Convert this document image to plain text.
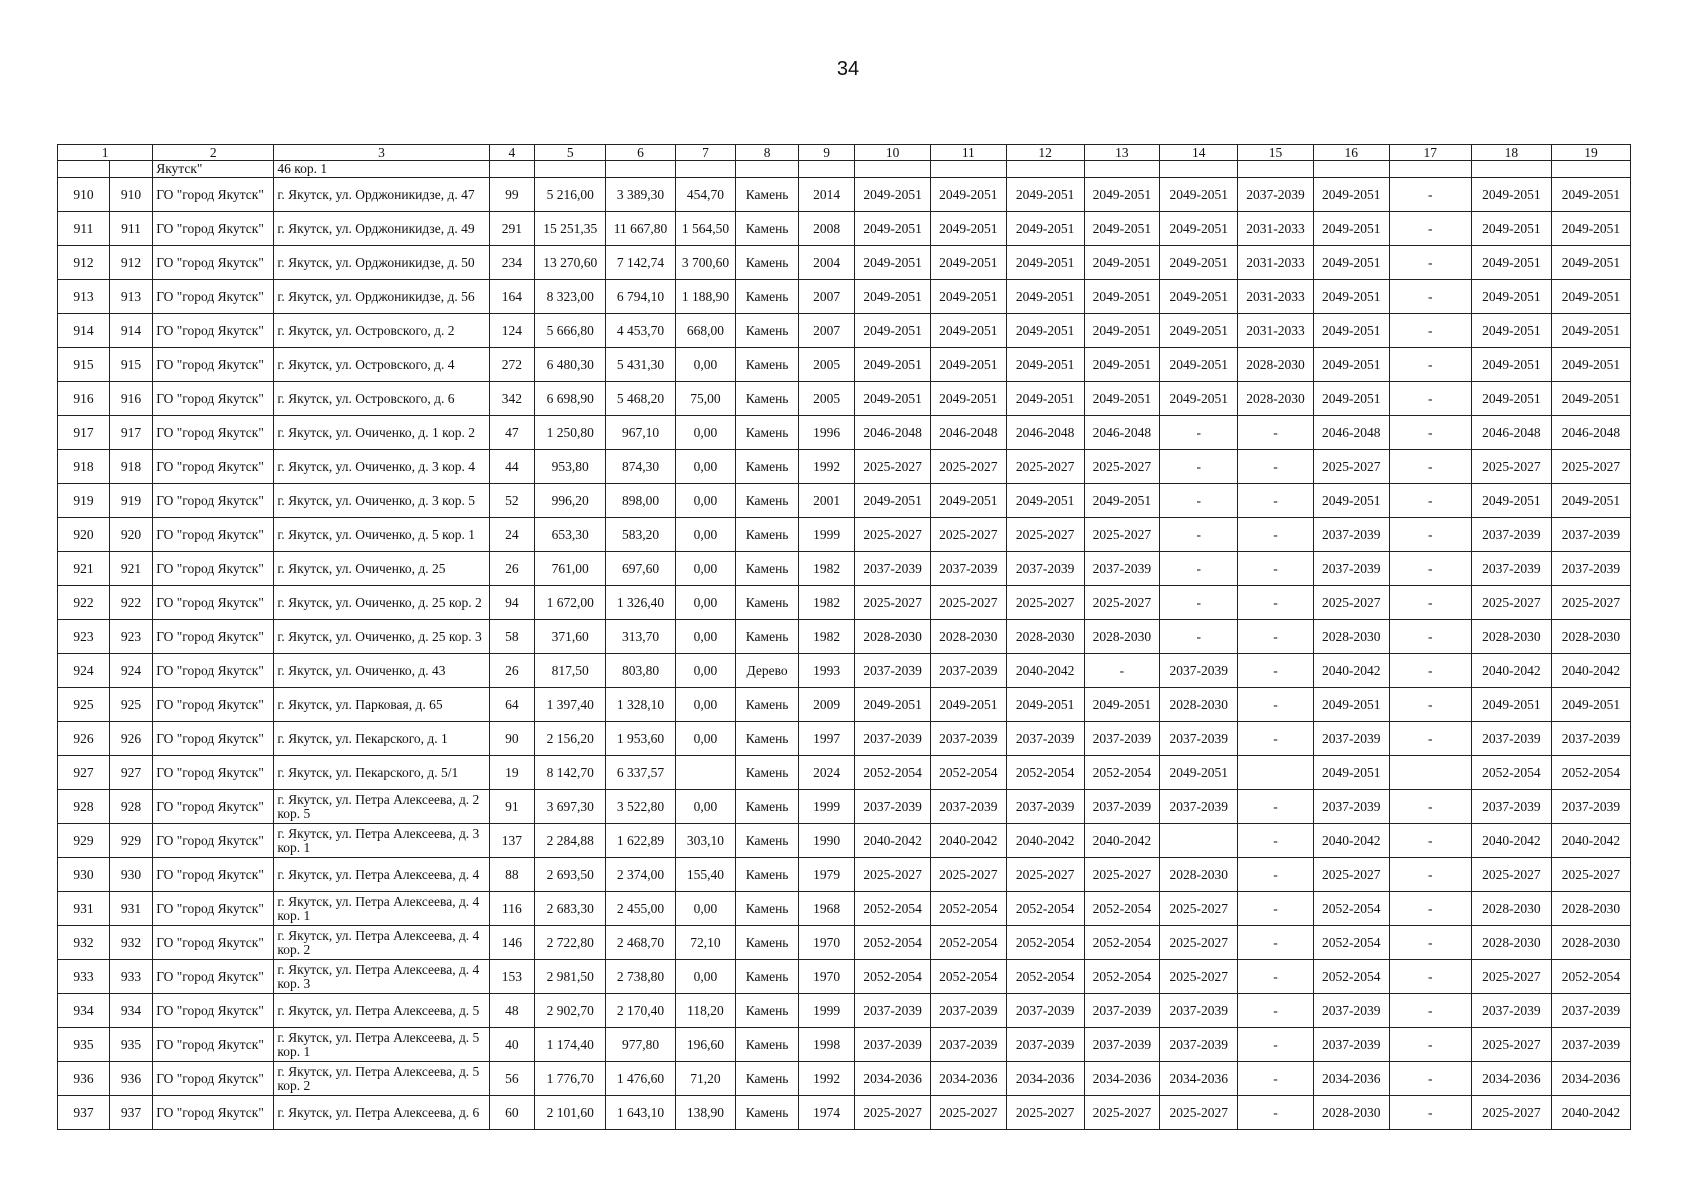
34
1		2	3	4	5	6	7	8	9	10	11	12	13	14	15	16	17	18	19
		Якутск"	46 кор. 1																
910	910	ГО "город Якутск"	г. Якутск, ул. Орджоникидзе, д. 47	99	5 216,00	3 389,30	454,70	Камень	2014	2049-2051	2049-2051	2049-2051	2049-2051	2049-2051	2037-2039	2049-2051	-	2049-2051	2049-2051
911	911	ГО "город Якутск"	г. Якутск, ул. Орджоникидзе, д. 49	291	15 251,35	11 667,80	1 564,50	Камень	2008	2049-2051	2049-2051	2049-2051	2049-2051	2049-2051	2031-2033	2049-2051	-	2049-2051	2049-2051
912	912	ГО "город Якутск"	г. Якутск, ул. Орджоникидзе, д. 50	234	13 270,60	7 142,74	3 700,60	Камень	2004	2049-2051	2049-2051	2049-2051	2049-2051	2049-2051	2031-2033	2049-2051	-	2049-2051	2049-2051
913	913	ГО "город Якутск"	г. Якутск, ул. Орджоникидзе, д. 56	164	8 323,00	6 794,10	1 188,90	Камень	2007	2049-2051	2049-2051	2049-2051	2049-2051	2049-2051	2031-2033	2049-2051	-	2049-2051	2049-2051
914	914	ГО "город Якутск"	г. Якутск, ул. Островского, д. 2	124	5 666,80	4 453,70	668,00	Камень	2007	2049-2051	2049-2051	2049-2051	2049-2051	2049-2051	2031-2033	2049-2051	-	2049-2051	2049-2051
915	915	ГО "город Якутск"	г. Якутск, ул. Островского, д. 4	272	6 480,30	5 431,30	0,00	Камень	2005	2049-2051	2049-2051	2049-2051	2049-2051	2049-2051	2028-2030	2049-2051	-	2049-2051	2049-2051
916	916	ГО "город Якутск"	г. Якутск, ул. Островского, д. 6	342	6 698,90	5 468,20	75,00	Камень	2005	2049-2051	2049-2051	2049-2051	2049-2051	2049-2051	2028-2030	2049-2051	-	2049-2051	2049-2051
917	917	ГО "город Якутск"	г. Якутск, ул. Очиченко, д. 1 кор. 2	47	1 250,80	967,10	0,00	Камень	1996	2046-2048	2046-2048	2046-2048	2046-2048	-	-	2046-2048	-	2046-2048	2046-2048
918	918	ГО "город Якутск"	г. Якутск, ул. Очиченко, д. 3 кор. 4	44	953,80	874,30	0,00	Камень	1992	2025-2027	2025-2027	2025-2027	2025-2027	-	-	2025-2027	-	2025-2027	2025-2027
919	919	ГО "город Якутск"	г. Якутск, ул. Очиченко, д. 3 кор. 5	52	996,20	898,00	0,00	Камень	2001	2049-2051	2049-2051	2049-2051	2049-2051	-	-	2049-2051	-	2049-2051	2049-2051
920	920	ГО "город Якутск"	г. Якутск, ул. Очиченко, д. 5 кор. 1	24	653,30	583,20	0,00	Камень	1999	2025-2027	2025-2027	2025-2027	2025-2027	-	-	2037-2039	-	2037-2039	2037-2039
921	921	ГО "город Якутск"	г. Якутск, ул. Очиченко, д. 25	26	761,00	697,60	0,00	Камень	1982	2037-2039	2037-2039	2037-2039	2037-2039	-	-	2037-2039	-	2037-2039	2037-2039
922	922	ГО "город Якутск"	г. Якутск, ул. Очиченко, д. 25 кор. 2	94	1 672,00	1 326,40	0,00	Камень	1982	2025-2027	2025-2027	2025-2027	2025-2027	-	-	2025-2027	-	2025-2027	2025-2027
923	923	ГО "город Якутск"	г. Якутск, ул. Очиченко, д. 25 кор. 3	58	371,60	313,70	0,00	Камень	1982	2028-2030	2028-2030	2028-2030	2028-2030	-	-	2028-2030	-	2028-2030	2028-2030
924	924	ГО "город Якутск"	г. Якутск, ул. Очиченко, д. 43	26	817,50	803,80	0,00	Дерево	1993	2037-2039	2037-2039	2040-2042	-	2037-2039	-	2040-2042	-	2040-2042	2040-2042
925	925	ГО "город Якутск"	г. Якутск, ул. Парковая, д. 65	64	1 397,40	1 328,10	0,00	Камень	2009	2049-2051	2049-2051	2049-2051	2049-2051	2028-2030	-	2049-2051	-	2049-2051	2049-2051
926	926	ГО "город Якутск"	г. Якутск, ул. Пекарского, д. 1	90	2 156,20	1 953,60	0,00	Камень	1997	2037-2039	2037-2039	2037-2039	2037-2039	2037-2039	-	2037-2039	-	2037-2039	2037-2039
927	927	ГО "город Якутск"	г. Якутск, ул. Пекарского, д. 5/1	19	8 142,70	6 337,57		Камень	2024	2052-2054	2052-2054	2052-2054	2052-2054	2049-2051		2049-2051		2052-2054	2052-2054
928	928	ГО "город Якутск"	г. Якутск, ул. Петра Алексеева, д. 2 кор. 5	91	3 697,30	3 522,80	0,00	Камень	1999	2037-2039	2037-2039	2037-2039	2037-2039	2037-2039	-	2037-2039	-	2037-2039	2037-2039
929	929	ГО "город Якутск"	г. Якутск, ул. Петра Алексеева, д. 3 кор. 1	137	2 284,88	1 622,89	303,10	Камень	1990	2040-2042	2040-2042	2040-2042	2040-2042		-	2040-2042	-	2040-2042	2040-2042
930	930	ГО "город Якутск"	г. Якутск, ул. Петра Алексеева, д. 4	88	2 693,50	2 374,00	155,40	Камень	1979	2025-2027	2025-2027	2025-2027	2025-2027	2028-2030	-	2025-2027	-	2025-2027	2025-2027
931	931	ГО "город Якутск"	г. Якутск, ул. Петра Алексеева, д. 4 кор. 1	116	2 683,30	2 455,00	0,00	Камень	1968	2052-2054	2052-2054	2052-2054	2052-2054	2025-2027	-	2052-2054	-	2028-2030	2028-2030
932	932	ГО "город Якутск"	г. Якутск, ул. Петра Алексеева, д. 4 кор. 2	146	2 722,80	2 468,70	72,10	Камень	1970	2052-2054	2052-2054	2052-2054	2052-2054	2025-2027	-	2052-2054	-	2028-2030	2028-2030
933	933	ГО "город Якутск"	г. Якутск, ул. Петра Алексеева, д. 4 кор. 3	153	2 981,50	2 738,80	0,00	Камень	1970	2052-2054	2052-2054	2052-2054	2052-2054	2025-2027	-	2052-2054	-	2025-2027	2052-2054
934	934	ГО "город Якутск"	г. Якутск, ул. Петра Алексеева, д. 5	48	2 902,70	2 170,40	118,20	Камень	1999	2037-2039	2037-2039	2037-2039	2037-2039	2037-2039	-	2037-2039	-	2037-2039	2037-2039
935	935	ГО "город Якутск"	г. Якутск, ул. Петра Алексеева, д. 5 кор. 1	40	1 174,40	977,80	196,60	Камень	1998	2037-2039	2037-2039	2037-2039	2037-2039	2037-2039	-	2037-2039	-	2025-2027	2037-2039
936	936	ГО "город Якутск"	г. Якутск, ул. Петра Алексеева, д. 5 кор. 2	56	1 776,70	1 476,60	71,20	Камень	1992	2034-2036	2034-2036	2034-2036	2034-2036	2034-2036	-	2034-2036	-	2034-2036	2034-2036
937	937	ГО "город Якутск"	г. Якутск, ул. Петра Алексеева, д. 6	60	2 101,60	1 643,10	138,90	Камень	1974	2025-2027	2025-2027	2025-2027	2025-2027	2025-2027	-	2028-2030	-	2025-2027	2040-2042
